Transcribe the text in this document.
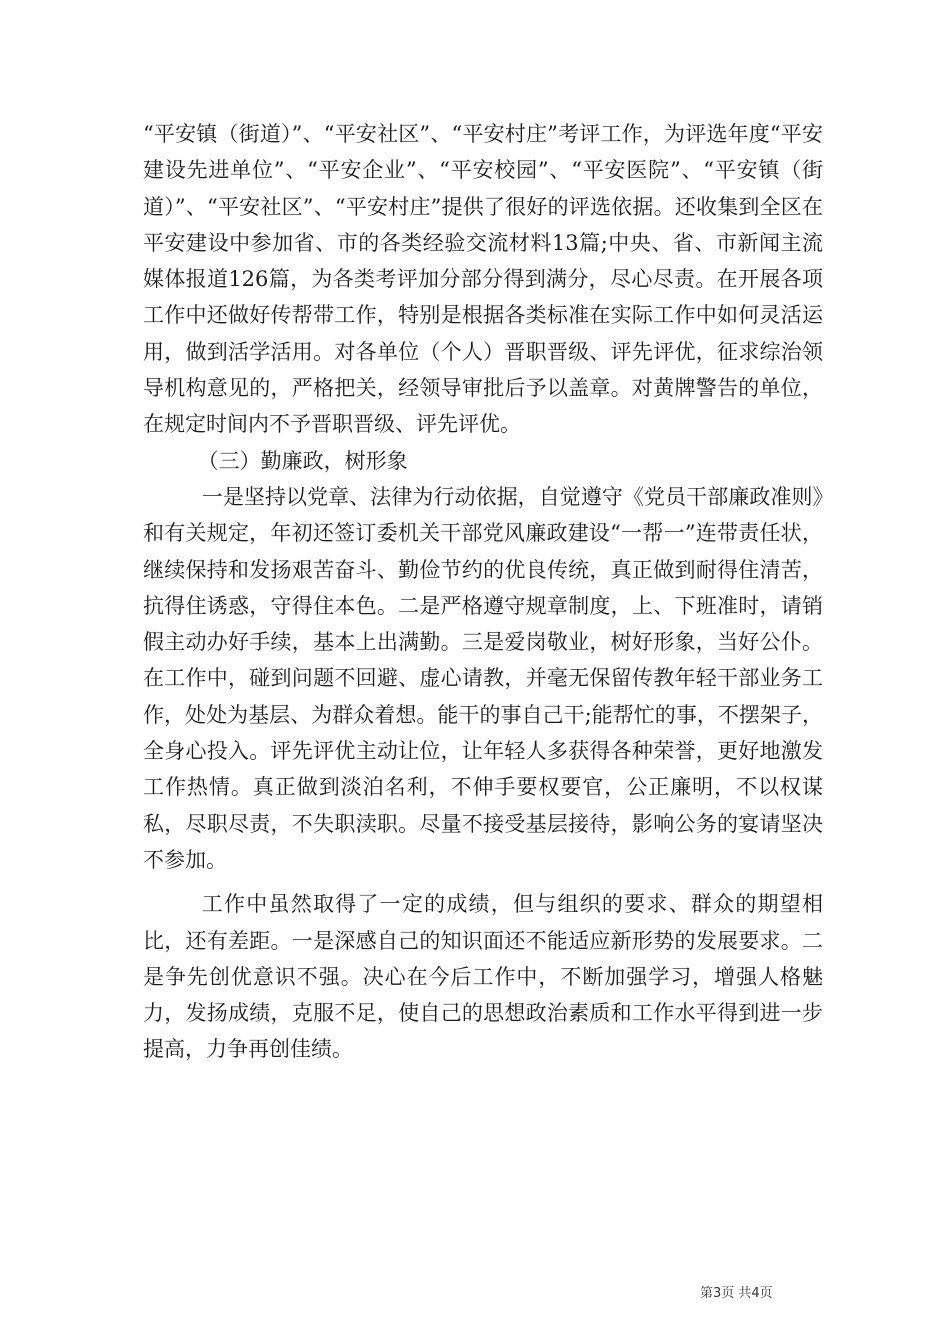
“平安镇（街道）”、“平安社区”、“平安村庄”考评工作，为评选年度“平安建设先进单位”、“平安企业”、“平安校园”、“平安医院”、“平安镇（街道）”、“平安社区”、“平安村庄”提供了很好的评选依据。还收集到全区在平安建设中参加省、市的各类经验交流材料13篇;中央、省、市新闻主流媒体报道126篇，为各类考评加分部分得到满分，尽心尽责。在开展各项工作中还做好传帮带工作，特别是根据各类标准在实际工作中如何灵活运用，做到活学活用。对各单位（个人）晋职晋级、评先评优，征求综治领导机构意见的，严格把关，经领导审批后予以盖章。对黄牌警告的单位，在规定时间内不予晋职晋级、评先评优。

（三）勤廉政，树形象

一是坚持以党章、法律为行动依据，自觉遵守《党员干部廉政准则》和有关规定，年初还签订委机关干部党风廉政建设“一帮一”连带责任状，继续保持和发扬艰苦奋斗、勤俭节约的优良传统，真正做到耐得住清苦，抗得住诱惑，守得住本色。二是严格遵守规章制度，上、下班准时，请销假主动办好手续，基本上出满勤。三是爱岗敬业，树好形象，当好公仆。在工作中，碰到问题不回避、虚心请教，并毫无保留传教年轻干部业务工作，处处为基层、为群众着想。能干的事自己干;能帮忙的事，不摆架子，全身心投入。评先评优主动让位，让年轻人多获得各种荣誉，更好地激发工作热情。真正做到淡泊名利，不伸手要权要官，公正廉明，不以权谋私，尽职尽责，不失职渎职。尽量不接受基层接待，影响公务的宴请坚决不参加。

工作中虽然取得了一定的成绩，但与组织的要求、群众的期望相比，还有差距。一是深感自己的知识面还不能适应新形势的发展要求。二是争先创优意识不强。决心在今后工作中，不断加强学习，增强人格魅力，发扬成绩，克服不足，使自己的思想政治素质和工作水平得到进一步提高，力争再创佳绩。

第3页 共4页
